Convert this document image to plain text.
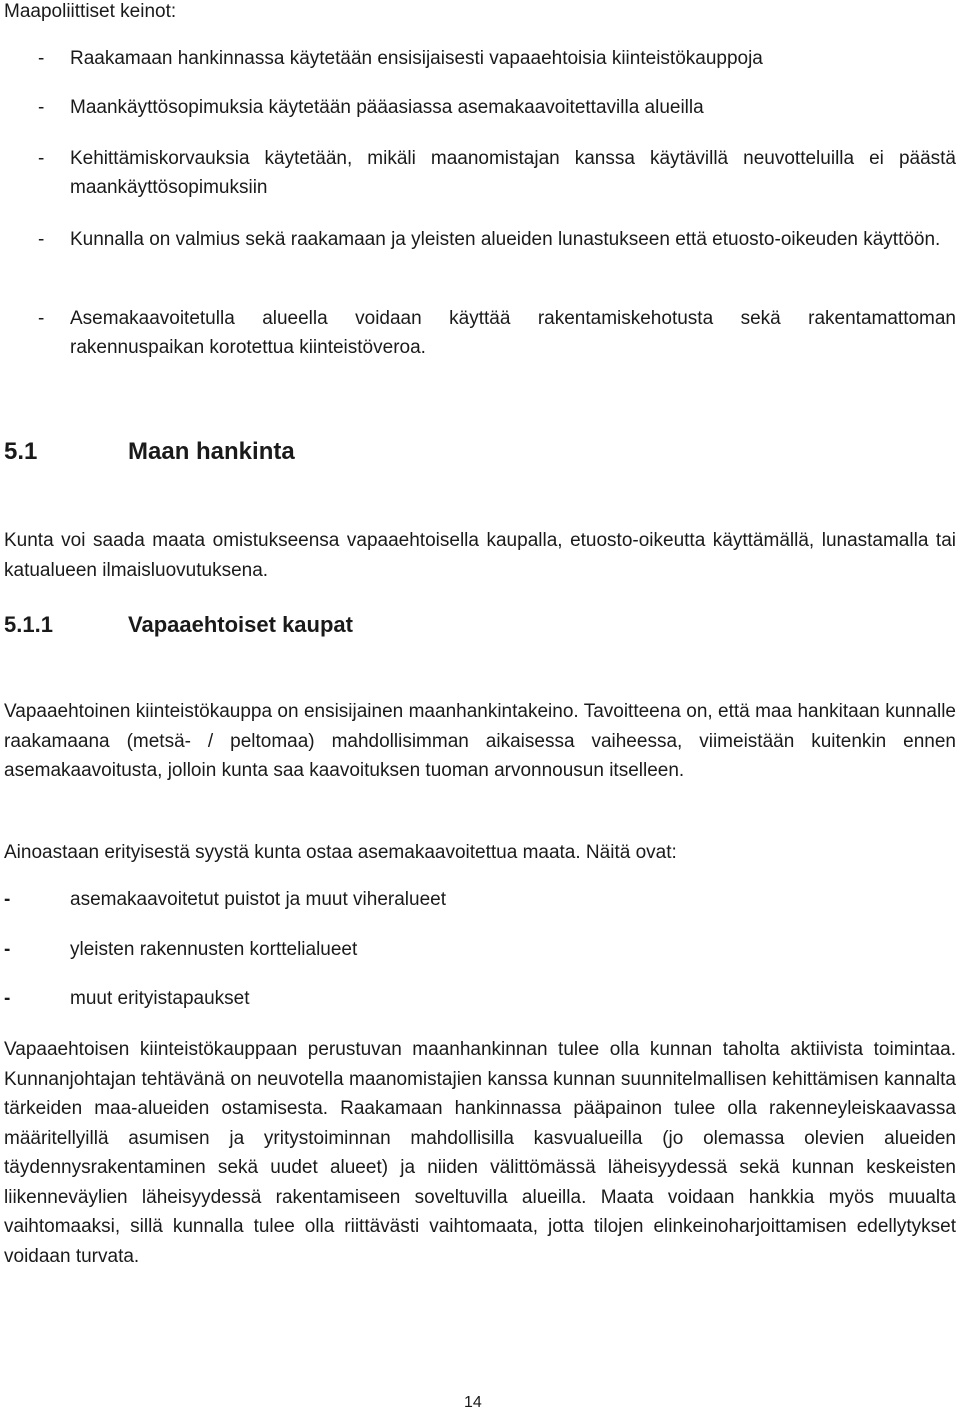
Maapoliittiset keinot:
- Raakamaan hankinnassa käytetään ensisijaisesti vapaaehtoisia kiinteistökauppoja
- Maankäyttösopimuksia käytetään pääasiassa asemakaavoitettavilla alueilla
- Kehittämiskorvauksia käytetään, mikäli maanomistajan kanssa käytävillä neuvotteluilla ei päästä maankäyttösopimuksiin
- Kunnalla on valmius sekä raakamaan ja yleisten alueiden lunastukseen että etuosto-oikeuden käyttöön.
- Asemakaavoitetulla alueella voidaan käyttää rakentamiskehotusta sekä rakentamattoman rakennuspaikan korotettua kiinteistöveroa.
5.1	Maan hankinta

Kunta voi saada maata omistukseensa vapaaehtoisella kaupalla, etuosto-oikeutta käyttämällä, lunastamalla tai katualueen ilmaisluovutuksena.

5.1.1	Vapaaehtoiset kaupat

Vapaaehtoinen kiinteistökauppa on ensisijainen maanhankintakeino. Tavoitteena on, että maa hankitaan kunnalle raakamaana (metsä- / peltomaa) mahdollisimman aikaisessa vaiheessa, viimeistään kuitenkin ennen asemakaavoitusta, jolloin kunta saa kaavoituksen tuoman arvonnousun itselleen.

Ainoastaan erityisestä syystä kunta ostaa asemakaavoitettua maata. Näitä ovat:

-	asemakaavoitetut puistot ja muut viheralueet
-	yleisten rakennusten korttelialueet
-	muut erityistapaukset

Vapaaehtoisen kiinteistökauppaan perustuvan maanhankinnan tulee olla kunnan taholta aktiivista toimintaa. Kunnanjohtajan tehtävänä on neuvotella maanomistajien kanssa kunnan suunnitelmallisen kehittämisen kannalta tärkeiden maa-alueiden ostamisesta. Raakamaan hankinnassa pääpainon tulee olla rakenneyleiskaavassa määritellyillä asumisen ja yritystoiminnan mahdollisilla kasvualueilla (jo olemassa olevien alueiden täydennysrakentaminen sekä uudet alueet) ja niiden välittömässä läheisyydessä sekä kunnan keskeisten liikenneväylien läheisyydessä rakentamiseen soveltuvilla alueilla. Maata voidaan hankkia myös muualta vaihtomaaksi, sillä kunnalla tulee olla riittävästi vaihtomaata, jotta tilojen elinkeinoharjoittamisen edellytykset voidaan turvata.

14
